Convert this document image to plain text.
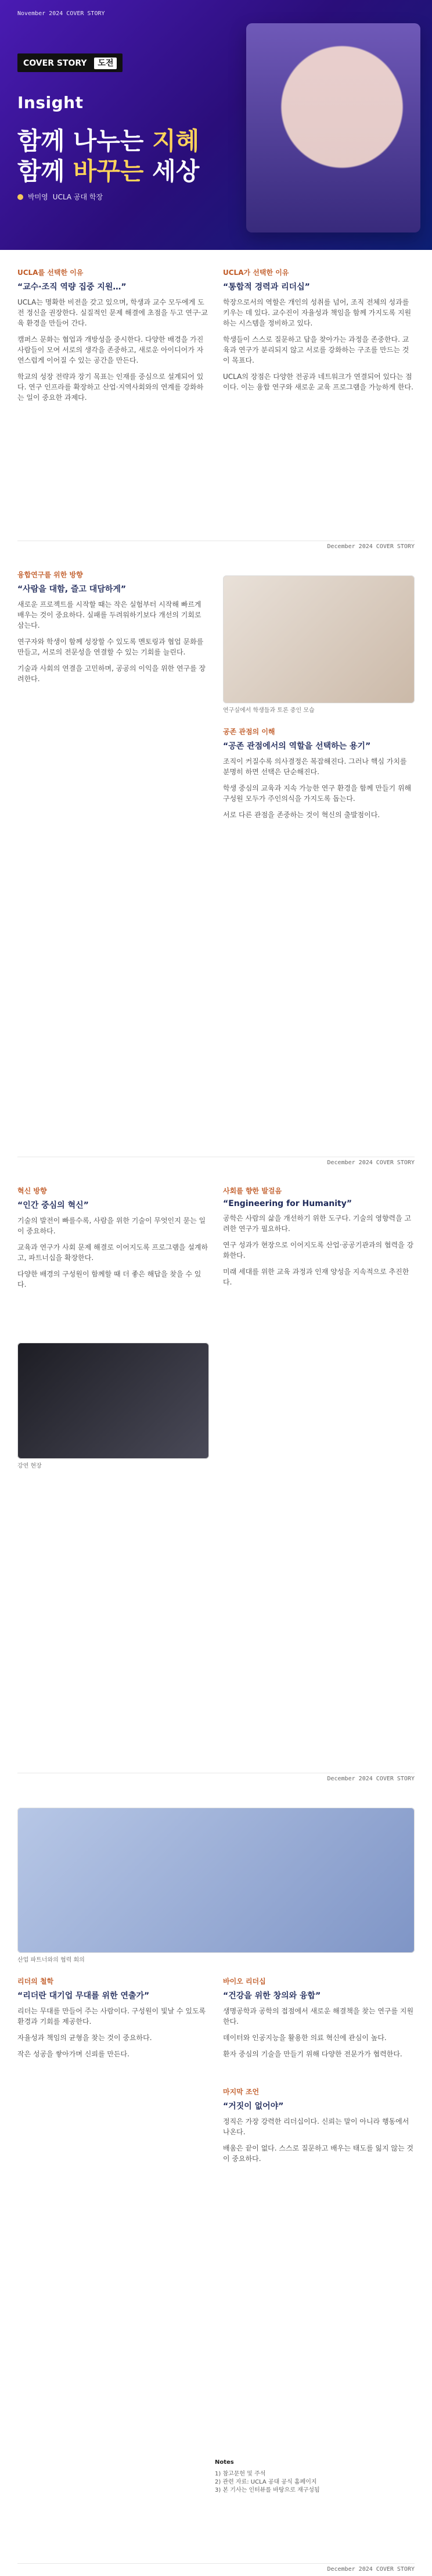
November 2024 COVER STORY
COVER STORY 도전
Insight
함께 나누는 지혜
함께 바꾸는 세상
박미영 UCLA 공대 학장
UCLA를 선택한 이유
“교수·조직 역량 집중 지원…”

UCLA는 명확한 비전을 갖고 있으며, 학생과 교수 모두에게 도전 정신을 권장한다. 실질적인 문제 해결에 초점을 두고 연구·교육 환경을 만들어 간다.

캠퍼스 문화는 협업과 개방성을 중시한다. 다양한 배경을 가진 사람들이 모여 서로의 생각을 존중하고, 새로운 아이디어가 자연스럽게 이어질 수 있는 공간을 만든다.

학교의 성장 전략과 장기 목표는 인재를 중심으로 설계되어 있다. 연구 인프라를 확장하고 산업·지역사회와의 연계를 강화하는 일이 중요한 과제다.

UCLA가 선택한 이유
“통합적 경력과 리더십”

학장으로서의 역할은 개인의 성취를 넘어, 조직 전체의 성과를 키우는 데 있다. 교수진이 자율성과 책임을 함께 가지도록 지원하는 시스템을 정비하고 있다.

학생들이 스스로 질문하고 답을 찾아가는 과정을 존중한다. 교육과 연구가 분리되지 않고 서로를 강화하는 구조를 만드는 것이 목표다.

UCLA의 장점은 다양한 전공과 네트워크가 연결되어 있다는 점이다. 이는 융합 연구와 새로운 교육 프로그램을 가능하게 한다.

December 2024 COVER STORY
융합연구를 위한 방향
“사람을 대함, 즐고 대담하게”

새로운 프로젝트를 시작할 때는 작은 실험부터 시작해 빠르게 배우는 것이 중요하다. 실패를 두려워하기보다 개선의 기회로 삼는다.

연구자와 학생이 함께 성장할 수 있도록 멘토링과 협업 문화를 만들고, 서로의 전문성을 연결할 수 있는 기회를 늘린다.

기술과 사회의 연결을 고민하며, 공공의 이익을 위한 연구를 장려한다.

연구실에서 학생들과 토론 중인 모습
공존 관점의 이해
“공존 관점에서의 역할을 선택하는 용기”

조직이 커질수록 의사결정은 복잡해진다. 그러나 핵심 가치를 분명히 하면 선택은 단순해진다.

학생 중심의 교육과 지속 가능한 연구 환경을 함께 만들기 위해 구성원 모두가 주인의식을 가지도록 돕는다.

서로 다른 관점을 존중하는 것이 혁신의 출발점이다.

December 2024 COVER STORY
혁신 방향
“인간 중심의 혁신”

기술의 발전이 빠를수록, 사람을 위한 기술이 무엇인지 묻는 일이 중요하다.

교육과 연구가 사회 문제 해결로 이어지도록 프로그램을 설계하고, 파트너십을 확장한다.

다양한 배경의 구성원이 함께할 때 더 좋은 해답을 찾을 수 있다.

강연 현장
사회를 향한 발걸음
“Engineering for Humanity”

공학은 사람의 삶을 개선하기 위한 도구다. 기술의 영향력을 고려한 연구가 필요하다.

연구 성과가 현장으로 이어지도록 산업·공공기관과의 협력을 강화한다.

미래 세대를 위한 교육 과정과 인재 양성을 지속적으로 추진한다.

December 2024 COVER STORY
산업 파트너와의 협력 회의
리더의 철학
“리더란 대기업 무대를 위한 연출가”

리더는 무대를 만들어 주는 사람이다. 구성원이 빛날 수 있도록 환경과 기회를 제공한다.

자율성과 책임의 균형을 찾는 것이 중요하다.

작은 성공을 쌓아가며 신뢰를 만든다.

바이오 리더십
“건강을 위한 창의와 융합”

생명공학과 공학의 접점에서 새로운 해결책을 찾는 연구를 지원한다.

데이터와 인공지능을 활용한 의료 혁신에 관심이 높다.

환자 중심의 기술을 만들기 위해 다양한 전문가가 협력한다.

마지막 조언
“거짓이 없어야”

정직은 가장 강력한 리더십이다. 신뢰는 말이 아니라 행동에서 나온다.

배움은 끝이 없다. 스스로 질문하고 배우는 태도를 잃지 않는 것이 중요하다.

Notes
1) 참고문헌 및 주석
2) 관련 자료: UCLA 공대 공식 홈페이지
3) 본 기사는 인터뷰를 바탕으로 재구성됨
December 2024 COVER STORY
